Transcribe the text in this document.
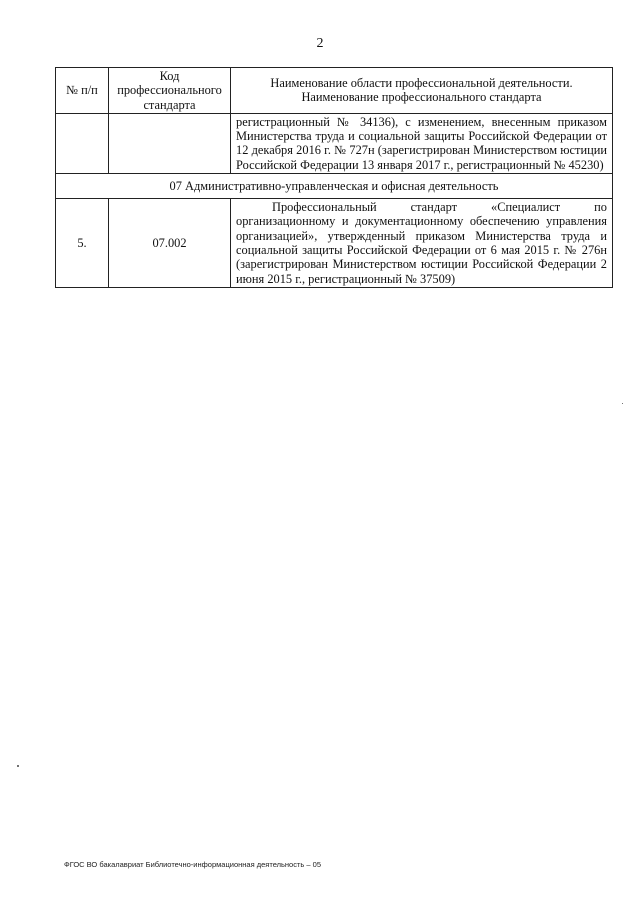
2
№ п/п	Код профессионального стандарта	Наименование области профессиональной деятельности.
Наименование профессионального стандарта
		регистрационный № 34136), с изменением, внесенным приказом Министерства труда и социальной защиты Российской Федерации от 12 декабря 2016 г. № 727н (зарегистрирован Министерством юстиции Российской Федерации 13 января 2017 г., регистрационный № 45230)
07 Административно-управленческая и офисная деятельность		
5.	07.002	Профессиональный стандарт «Специалист по организационному и документационному обеспечению управления организацией», утвержденный приказом Министерства труда и социальной защиты Российской Федерации от 6 мая 2015 г. № 276н (зарегистрирован Министерством юстиции Российской Федерации 2 июня 2015 г., регистрационный № 37509)
ФГОС ВО бакалавриат Библиотечно-информационная деятельность – 05
